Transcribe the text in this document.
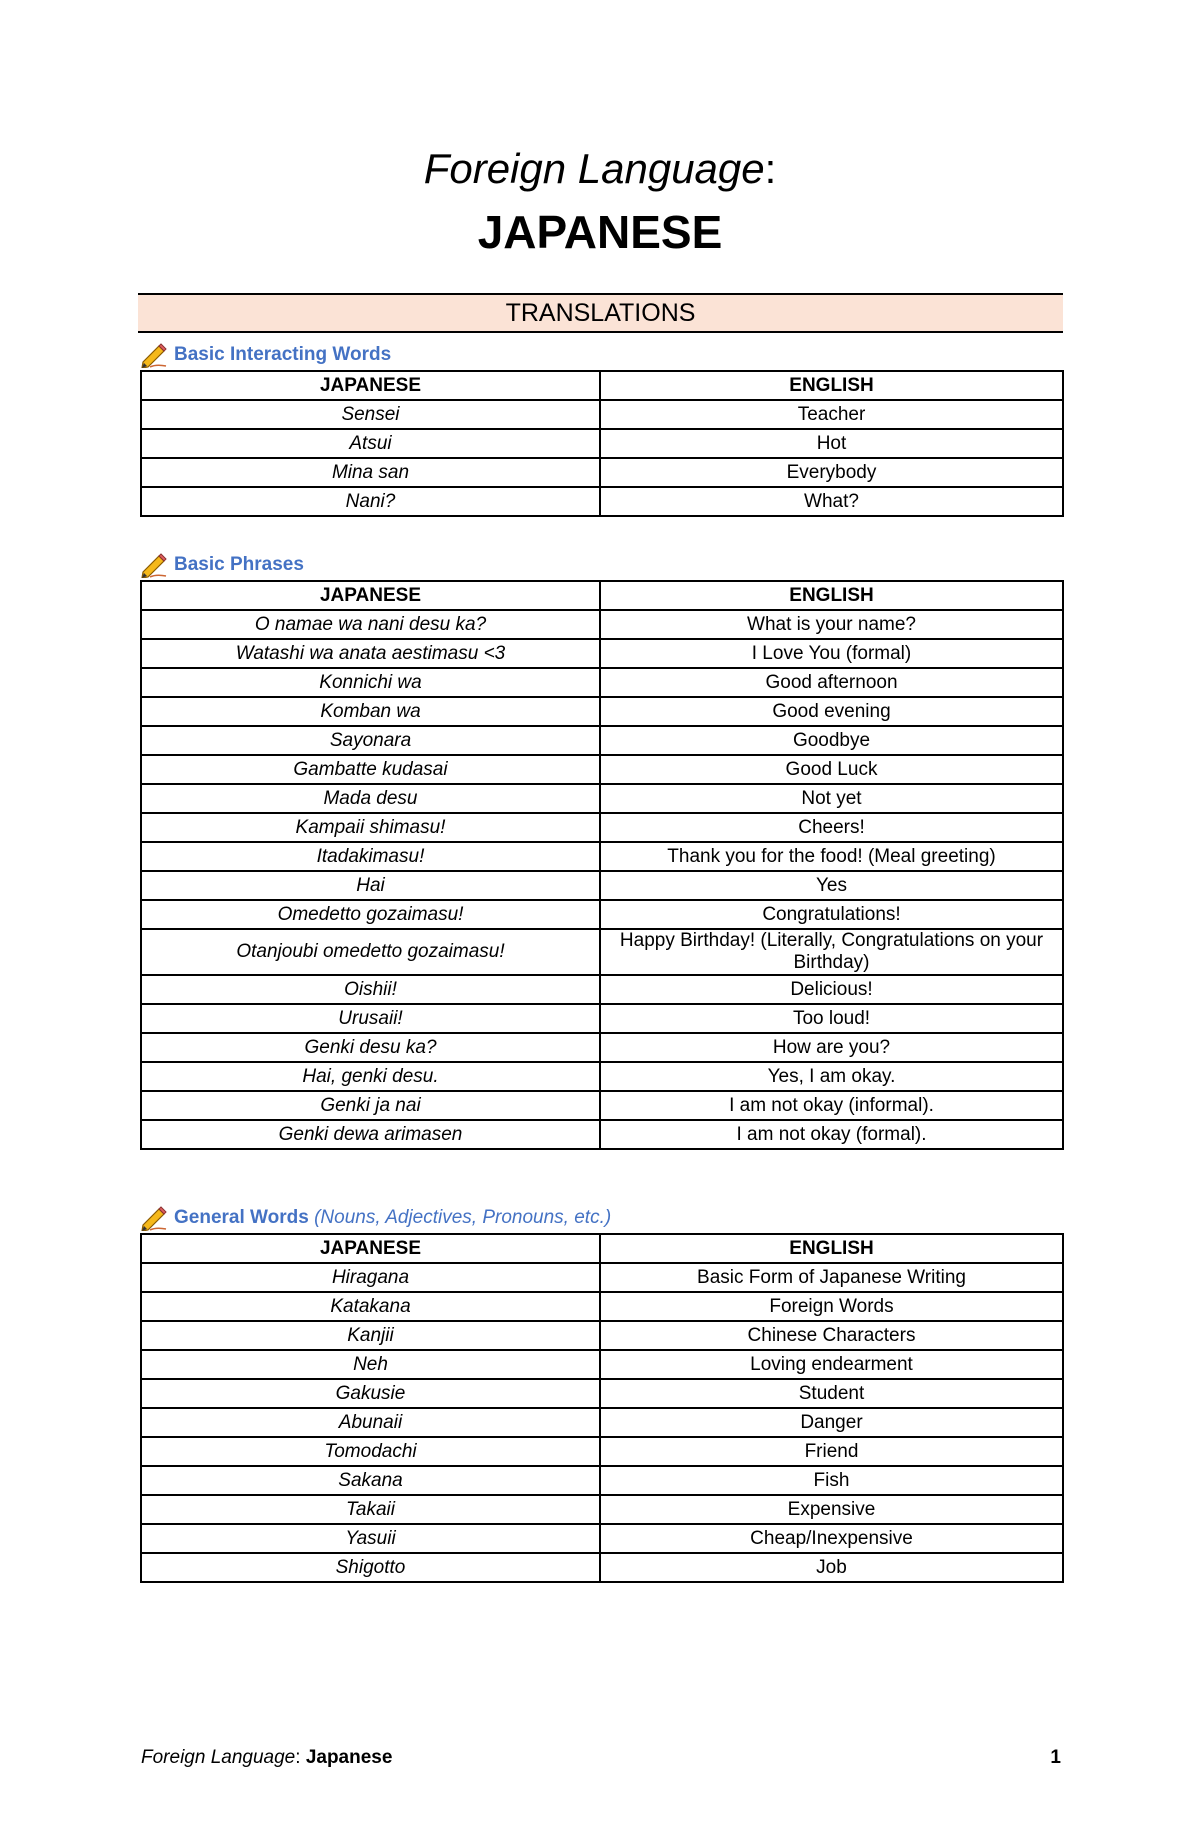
Foreign Language:
JAPANESE
TRANSLATIONS
Basic Interacting Words
JAPANESE	ENGLISH
Sensei	Teacher
Atsui	Hot
Mina san	Everybody
Nani?	What?
Basic Phrases
JAPANESE	ENGLISH
O namae wa nani desu ka?	What is your name?
Watashi wa anata aestimasu <3	I Love You (formal)
Konnichi wa	Good afternoon
Komban wa	Good evening
Sayonara	Goodbye
Gambatte kudasai	Good Luck
Mada desu	Not yet
Kampaii shimasu!	Cheers!
Itadakimasu!	Thank you for the food! (Meal greeting)
Hai	Yes
Omedetto gozaimasu!	Congratulations!
Otanjoubi omedetto gozaimasu!	Happy Birthday! (Literally, Congratulations on your Birthday)
Oishii!	Delicious!
Urusaii!	Too loud!
Genki desu ka?	How are you?
Hai, genki desu.	Yes, I am okay.
Genki ja nai	I am not okay (informal).
Genki dewa arimasen	I am not okay (formal).
General Words
(Nouns, Adjectives, Pronouns, etc.)
JAPANESE	ENGLISH
Hiragana	Basic Form of Japanese Writing
Katakana	Foreign Words
Kanjii	Chinese Characters
Neh	Loving endearment
Gakusie	Student
Abunaii	Danger
Tomodachi	Friend
Sakana	Fish
Takaii	Expensive
Yasuii	Cheap/Inexpensive
Shigotto	Job
Foreign Language: Japanese	1
